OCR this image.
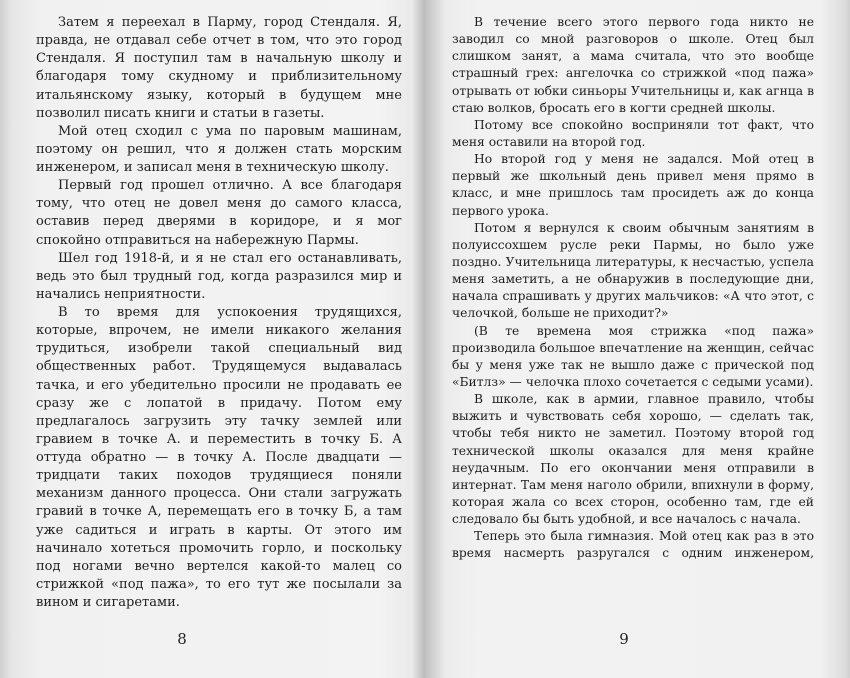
Затем я переехал в Парму, город Стендаля. Я, правда, не отдавал себе отчет в том, что это город Стендаля. Я поступил там в начальную школу и благодаря тому скудному и приблизительному итальянскому языку, который в будущем мне позволил писать книги и статьи в газеты.

Мой отец сходил с ума по паровым машинам, поэтому он решил, что я должен стать морским инженером, и записал меня в техническую школу.

Первый год прошел отлично. А все благодаря тому, что отец не довел меня до самого класса, оставив перед дверями в коридоре, и я мог спокойно отправиться на набережную Пармы.

Шел год 1918-й, и я не стал его останавливать, ведь это был трудный год, когда разразился мир и начались неприятности.

В то время для успокоения трудящихся, которые, впрочем, не имели никакого желания трудиться, изобрели такой специальный вид общественных работ. Трудящемуся выдавалась тачка, и его убедительно просили не продавать ее сразу же с лопатой в придачу. Потом ему предлагалось загрузить эту тачку землей или гравием в точке А. и переместить в точку Б. А оттуда обратно — в точку А. После двадцати — тридцати таких походов трудящиеся поняли механизм данного процесса. Они стали загружать гравий в точке А, перемещать его в точку Б, а там уже садиться и играть в карты. От этого им начинало хотеться промочить горло, и поскольку под ногами вечно вертелся какой-то малец со стрижкой «под пажа», то его тут же посылали за вином и сигаретами.

8

В течение всего этого первого года никто не заводил со мной разговоров о школе. Отец был слишком занят, а мама считала, что это вообще страшный грех: ангелочка со стрижкой «под пажа» отрывать от юбки синьоры Учительницы и, как агнца в стаю волков, бросать его в когти средней школы.

Потому все спокойно восприняли тот факт, что меня оставили на второй год.

Но второй год у меня не задался. Мой отец в первый же школьный день привел меня прямо в класс, и мне пришлось там просидеть аж до конца первого урока.

Потом я вернулся к своим обычным занятиям в полуиссохшем русле реки Пармы, но было уже поздно. Учительница литературы, к несчастью, успела меня заметить, а не обнаружив в последующие дни, начала спрашивать у других мальчиков: «А что этот, с челочкой, больше не приходит?»

(В те времена моя стрижка «под пажа» производила большое впечатление на женщин, сейчас бы у меня уже так не вышло даже с прической под «Битлз» — челочка плохо сочетается с седыми усами).

В школе, как в армии, главное правило, чтобы выжить и чувствовать себя хорошо, — сделать так, чтобы тебя никто не заметил. Поэтому второй год технической школы оказался для меня крайне неудачным. По его окончании меня отправили в интернат. Там меня наголо обрили, впихнули в форму, которая жала со всех сторон, особенно там, где ей следовало бы быть удобной, и все началось с начала.

Теперь это была гимназия. Мой отец как раз в это время насмерть разругался с одним инженером,

9
